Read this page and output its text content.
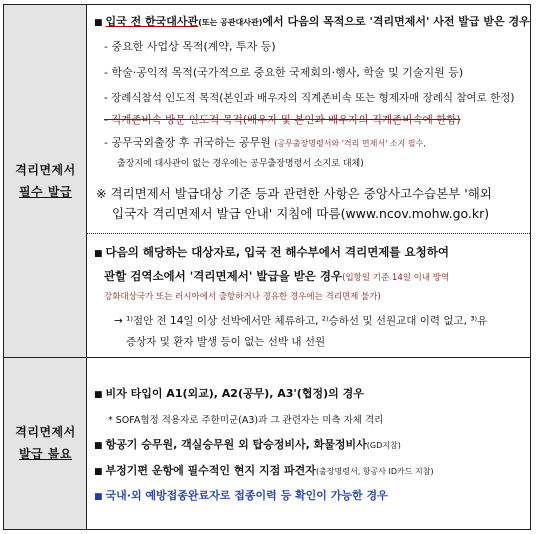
격리면제서
필수 발급
격리면제서
발급 불요
■ 입국 전 한국대사관(또는 공관대사관)에서 다음의 목적으로 '격리면제서' 사전 발급 받은 경우
- 중요한 사업상 목적(계약, 투자 등)
- 학술·공익적 목적(국가적으로 중요한 국제회의·행사, 학술 및 기술지원 등)
- 장례식참석 인도적 목적(본인과 배우자의 직계존비속 또는 형제자매 장례식 참여로 한정)
- 직계존비속 방문 인도적 목적(배우자 및 본인과 배우자의 직계존비속에 한함)
- 공무국외출장 후 귀국하는 공무원 (공무출장명령서와 '격리 면제서' 소지 필수,
출장지에 대사관이 없는 경우에는 공무출장명령서 소지로 대체)
※ 격리면제서 발급대상 기준 등과 관련한 사항은 중앙사고수습본부 '해외
입국자 격리면제서 발급 안내' 지침에 따름(www.ncov.mohw.go.kr)
■ 다음의 해당하는 대상자로, 입국 전 해수부에서 격리면제를 요청하여
관할 검역소에서 '격리면제서' 발급을 받은 경우(입항일 기준 14일 이내 방역
강화대상국가 또는 러시아에서 출항하거나 경유한 경우에는 격리면제 불가)
→ ¹⁾점안 전 14일 이상 선박에서만 체류하고, ²⁾승하선 및 선원교대 이력 없고, ³⁾유
증상자 및 환자 발생 등이 없는 선박 내 선원
■ 비자 타입이 A1(외교), A2(공무), A3'(협정)의 경우
* SOFA협정 적용자로 주한미군(A3)과 그 관련자는 미측 자체 격리
■ 항공기 승무원, 객실승무원 외 탑승정비사, 화물정비사(GD지참)
■ 부정기편 운항에 필수적인 현지 지점 파견자(출장명령서, 항공사 ID카드 지참)
■ 국내·외 예방접종완료자로 접종이력 등 확인이 가능한 경우
